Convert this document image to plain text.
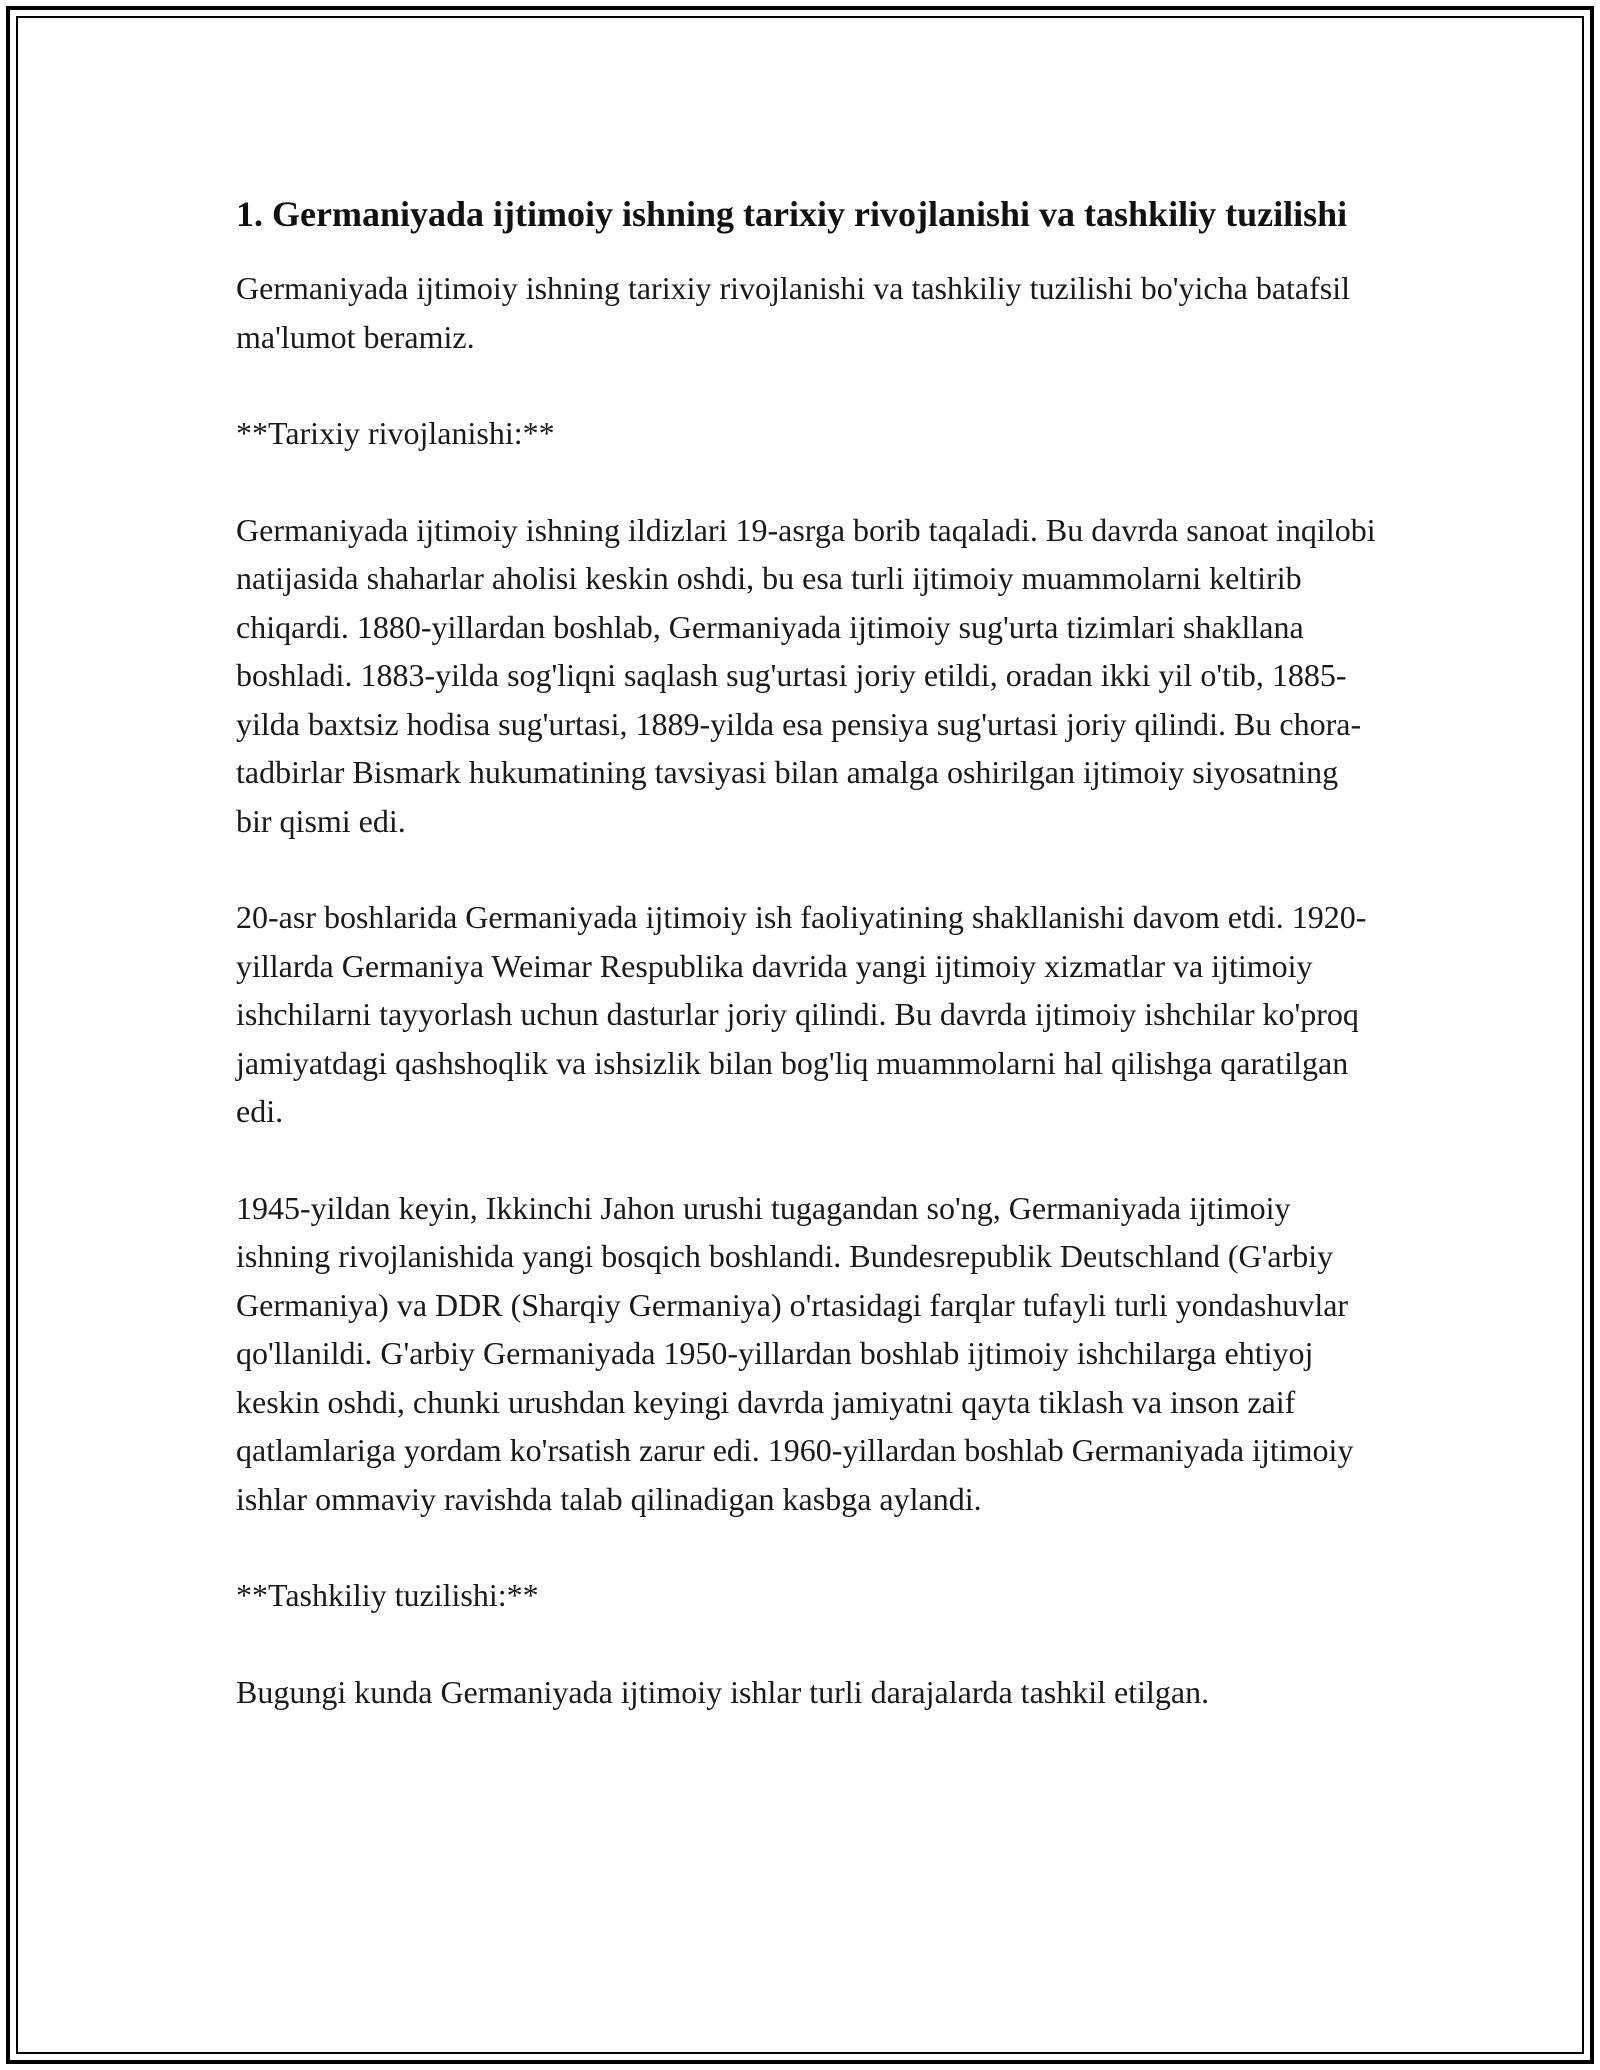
1. Germaniyada ijtimoiy ishning tarixiy rivojlanishi va tashkiliy tuzilishi

Germaniyada ijtimoiy ishning tarixiy rivojlanishi va tashkiliy tuzilishi bo'yicha batafsil ma'lumot beramiz.

**Tarixiy rivojlanishi:**

Germaniyada ijtimoiy ishning ildizlari 19-asrga borib taqaladi. Bu davrda sanoat inqilobi natijasida shaharlar aholisi keskin oshdi, bu esa turli ijtimoiy muammolarni keltirib chiqardi. 1880-yillardan boshlab, Germaniyada ijtimoiy sug'urta tizimlari shakllana boshladi. 1883-yilda sog'liqni saqlash sug'urtasi joriy etildi, oradan ikki yil o'tib, 1885-yilda baxtsiz hodisa sug'urtasi, 1889-yilda esa pensiya sug'urtasi joriy qilindi. Bu chora-tadbirlar Bismark hukumatining tavsiyasi bilan amalga oshirilgan ijtimoiy siyosatning bir qismi edi.

20-asr boshlarida Germaniyada ijtimoiy ish faoliyatining shakllanishi davom etdi. 1920-yillarda Germaniya Weimar Respublika davrida yangi ijtimoiy xizmatlar va ijtimoiy ishchilarni tayyorlash uchun dasturlar joriy qilindi. Bu davrda ijtimoiy ishchilar ko'proq jamiyatdagi qashshoqlik va ishsizlik bilan bog'liq muammolarni hal qilishga qaratilgan edi.

1945-yildan keyin, Ikkinchi Jahon urushi tugagandan so'ng, Germaniyada ijtimoiy ishning rivojlanishida yangi bosqich boshlandi. Bundesrepublik Deutschland (G'arbiy Germaniya) va DDR (Sharqiy Germaniya) o'rtasidagi farqlar tufayli turli yondashuvlar qo'llanildi. G'arbiy Germaniyada 1950-yillardan boshlab ijtimoiy ishchilarga ehtiyoj keskin oshdi, chunki urushdan keyingi davrda jamiyatni qayta tiklash va inson zaif qatlamlariga yordam ko'rsatish zarur edi. 1960-yillardan boshlab Germaniyada ijtimoiy ishlar ommaviy ravishda talab qilinadigan kasbga aylandi.

**Tashkiliy tuzilishi:**

Bugungi kunda Germaniyada ijtimoiy ishlar turli darajalarda tashkil etilgan.
